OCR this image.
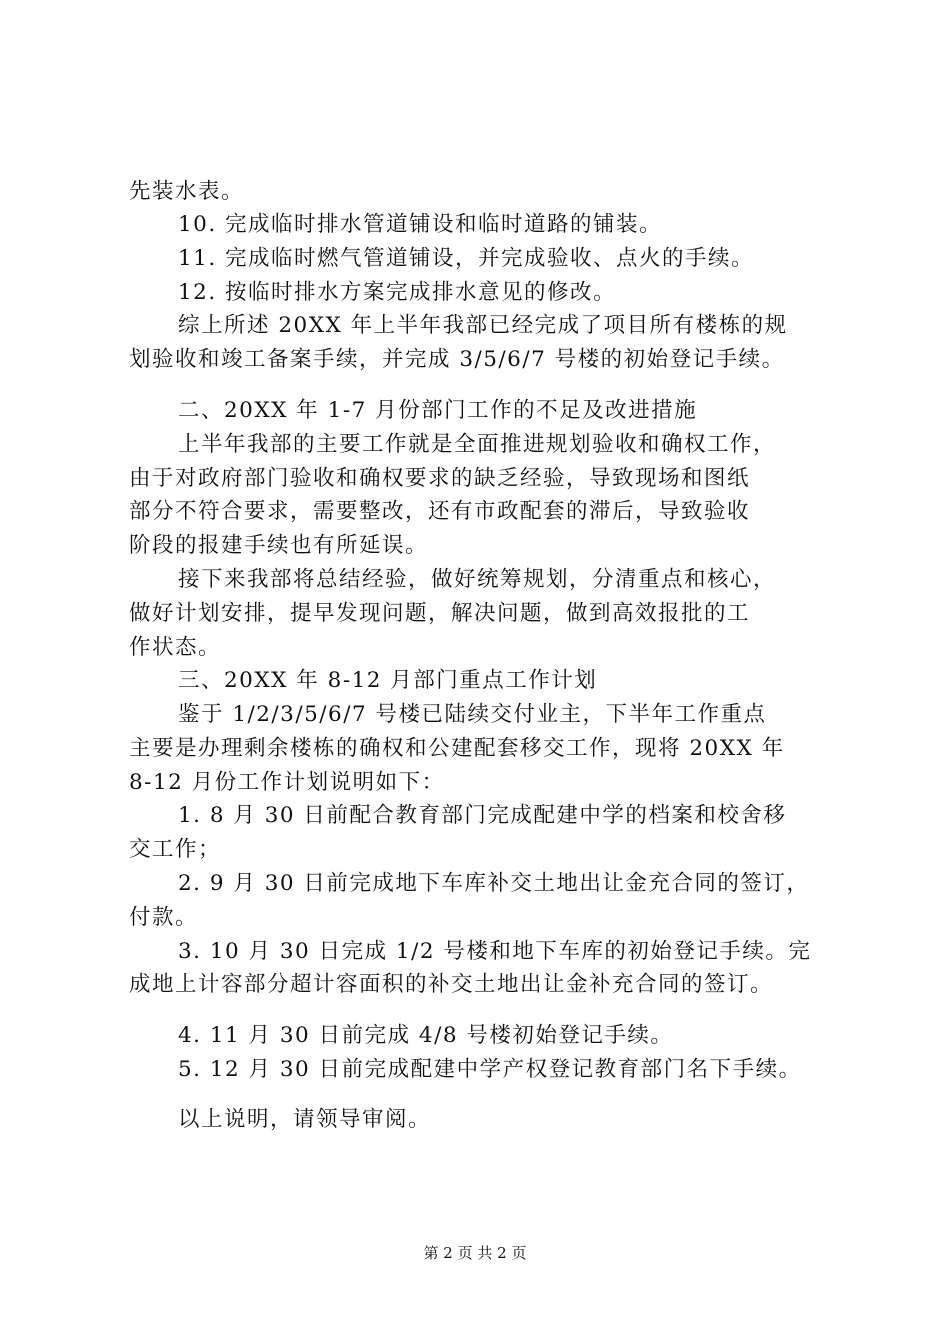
先装水表。
10. 完成临时排水管道铺设和临时道路的铺装。
11. 完成临时燃气管道铺设，并完成验收、点火的手续。
12. 按临时排水方案完成排水意见的修改。
综上所述 20XX 年上半年我部已经完成了项目所有楼栋的规
划验收和竣工备案手续，并完成 3/5/6/7 号楼的初始登记手续。
二、20XX 年 1-7 月份部门工作的不足及改进措施
上半年我部的主要工作就是全面推进规划验收和确权工作，
由于对政府部门验收和确权要求的缺乏经验，导致现场和图纸
部分不符合要求，需要整改，还有市政配套的滞后，导致验收
阶段的报建手续也有所延误。
接下来我部将总结经验，做好统筹规划，分清重点和核心，
做好计划安排，提早发现问题，解决问题，做到高效报批的工
作状态。
三、20XX 年 8-12 月部门重点工作计划
鉴于 1/2/3/5/6/7 号楼已陆续交付业主，下半年工作重点
主要是办理剩余楼栋的确权和公建配套移交工作，现将 20XX 年
8-12 月份工作计划说明如下：
1. 8 月 30 日前配合教育部门完成配建中学的档案和校舍移
交工作；
2. 9 月 30 日前完成地下车库补交土地出让金充合同的签订，
付款。
3. 10 月 30 日完成 1/2 号楼和地下车库的初始登记手续。完
成地上计容部分超计容面积的补交土地出让金补充合同的签订。
4. 11 月 30 日前完成 4/8 号楼初始登记手续。
5. 12 月 30 日前完成配建中学产权登记教育部门名下手续。
以上说明，请领导审阅。
第 2 页 共 2 页
